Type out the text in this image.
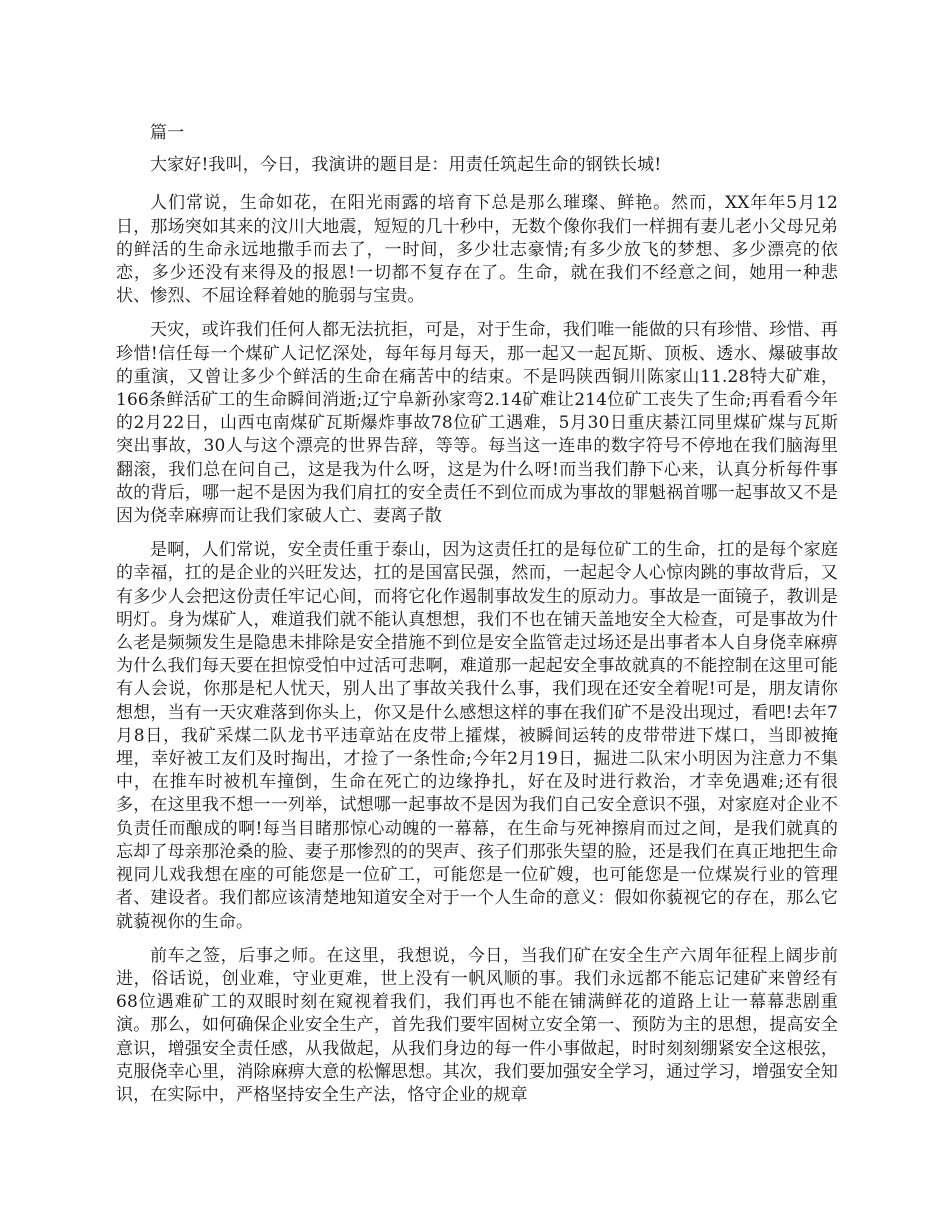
篇一

大家好!我叫，今日，我演讲的题目是：用责任筑起生命的钢铁长城!

人们常说，生命如花，在阳光雨露的培育下总是那么璀璨、鲜艳。然而，XX年年5月12日，那场突如其来的汶川大地震，短短的几十秒中，无数个像你我们一样拥有妻儿老小父母兄弟的鲜活的生命永远地撒手而去了，一时间，多少壮志豪情;有多少放飞的梦想、多少漂亮的依恋，多少还没有来得及的报恩!一切都不复存在了。生命，就在我们不经意之间，她用一种悲状、惨烈、不屈诠释着她的脆弱与宝贵。

天灾，或许我们任何人都无法抗拒，可是，对于生命，我们唯一能做的只有珍惜、珍惜、再珍惜!信任每一个煤矿人记忆深处，每年每月每天，那一起又一起瓦斯、顶板、透水、爆破事故的重演，又曾让多少个鲜活的生命在痛苦中的结束。不是吗陕西铜川陈家山11.28特大矿难，166条鲜活矿工的生命瞬间消逝;辽宁阜新孙家弯2.14矿难让214位矿工丧失了生命;再看看今年的2月22日，山西屯南煤矿瓦斯爆炸事故78位矿工遇难，5月30日重庆綦江同里煤矿煤与瓦斯突出事故，30人与这个漂亮的世界告辞，等等。每当这一连串的数字符号不停地在我们脑海里翻滚，我们总在问自己，这是我为什么呀，这是为什么呀!而当我们静下心来，认真分析每件事故的背后，哪一起不是因为我们肩扛的安全责任不到位而成为事故的罪魁祸首哪一起事故又不是因为侥幸麻痹而让我们家破人亡、妻离子散

是啊，人们常说，安全责任重于泰山，因为这责任扛的是每位矿工的生命，扛的是每个家庭的幸福，扛的是企业的兴旺发达，扛的是国富民强，然而，一起起令人心惊肉跳的事故背后，又有多少人会把这份责任牢记心间，而将它化作遏制事故发生的原动力。事故是一面镜子，教训是明灯。身为煤矿人，难道我们就不能认真想想，我们不也在铺天盖地安全大检查，可是事故为什么老是频频发生是隐患未排除是安全措施不到位是安全监管走过场还是出事者本人自身侥幸麻痹为什么我们每天要在担惊受怕中过活可悲啊，难道那一起起安全事故就真的不能控制在这里可能有人会说，你那是杞人忧天，别人出了事故关我什么事，我们现在还安全着呢!可是，朋友请你想想，当有一天灾难落到你头上，你又是什么感想这样的事在我们矿不是没出现过，看吧!去年7月8日，我矿采煤二队龙书平违章站在皮带上攉煤，被瞬间运转的皮带带进下煤口，当即被掩埋，幸好被工友们及时掏出，才捡了一条性命;今年2月19日，掘进二队宋小明因为注意力不集中，在推车时被机车撞倒，生命在死亡的边缘挣扎，好在及时进行救治，才幸免遇难;还有很多，在这里我不想一一列举，试想哪一起事故不是因为我们自己安全意识不强，对家庭对企业不负责任而酿成的啊!每当目睹那惊心动魄的一幕幕，在生命与死神擦肩而过之间，是我们就真的忘却了母亲那沧桑的脸、妻子那惨烈的的哭声、孩子们那张失望的脸，还是我们在真正地把生命视同儿戏我想在座的可能您是一位矿工，可能您是一位矿嫂，也可能您是一位煤炭行业的管理者、建设者。我们都应该清楚地知道安全对于一个人生命的意义：假如你藐视它的存在，那么它就藐视你的生命。

前车之签，后事之师。在这里，我想说，今日，当我们矿在安全生产六周年征程上阔步前进，俗话说，创业难，守业更难，世上没有一帆风顺的事。我们永远都不能忘记建矿来曾经有68位遇难矿工的双眼时刻在窥视着我们，我们再也不能在铺满鲜花的道路上让一幕幕悲剧重演。那么，如何确保企业安全生产，首先我们要牢固树立安全第一、预防为主的思想，提高安全意识，增强安全责任感，从我做起，从我们身边的每一件小事做起，时时刻刻绷紧安全这根弦，克服侥幸心里，消除麻痹大意的松懈思想。其次，我们要加强安全学习，通过学习，增强安全知识，在实际中，严格坚持安全生产法，恪守企业的规章
